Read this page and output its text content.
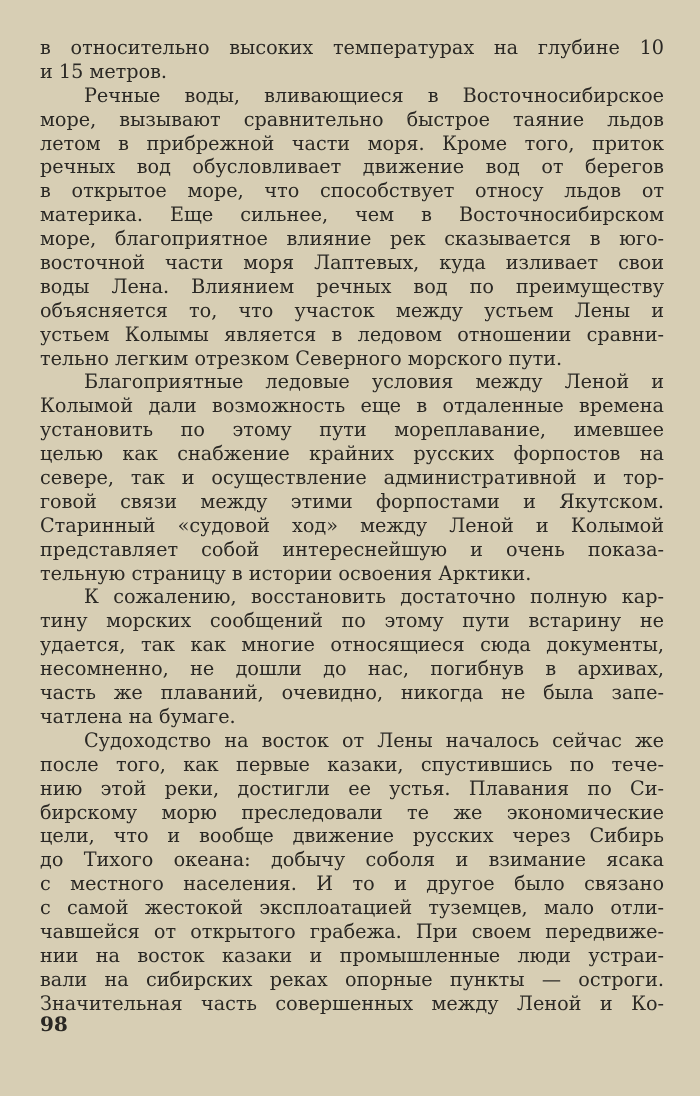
в относительно высоких температурах на глубине 10
и 15 метров.
Речные воды, вливающиеся в Восточносибирское
море, вызывают сравнительно быстрое таяние льдов
летом в прибрежной части моря. Кроме того, приток
речных вод обусловливает движение вод от берегов
в открытое море, что способствует относу льдов от
материка. Еще сильнее, чем в Восточносибирском
море, благоприятное влияние рек сказывается в юго-
восточной части моря Лаптевых, куда изливает свои
воды Лена. Влиянием речных вод по преимуществу
объясняется то, что участок между устьем Лены и
устьем Колымы является в ледовом отношении сравни-
тельно легким отрезком Северного морского пути.
Благоприятные ледовые условия между Леной и
Колымой дали возможность еще в отдаленные времена
установить по этому пути мореплавание, имевшее
целью как снабжение крайних русских форпостов на
севере, так и осуществление административной и тор-
говой связи между этими форпостами и Якутском.
Старинный «судовой ход» между Леной и Колымой
представляет собой интереснейшую и очень показа-
тельную страницу в истории освоения Арктики.
К сожалению, восстановить достаточно полную кар-
тину морских сообщений по этому пути встарину не
удается, так как многие относящиеся сюда документы,
несомненно, не дошли до нас, погибнув в архивах,
часть же плаваний, очевидно, никогда не была запе-
чатлена на бумаге.
Судоходство на восток от Лены началось сейчас же
после того, как первые казаки, спустившись по тече-
нию этой реки, достигли ее устья. Плавания по Си-
бирскому морю преследовали те же экономические
цели, что и вообще движение русских через Сибирь
до Тихого океана: добычу соболя и взимание ясака
с местного населения. И то и другое было связано
с самой жестокой эксплоатацией туземцев, мало отли-
чавшейся от открытого грабежа. При своем передвиже-
нии на восток казаки и промышленные люди устраи-
вали на сибирских реках опорные пункты — остроги.
Значительная часть совершенных между Леной и Ко-
98
